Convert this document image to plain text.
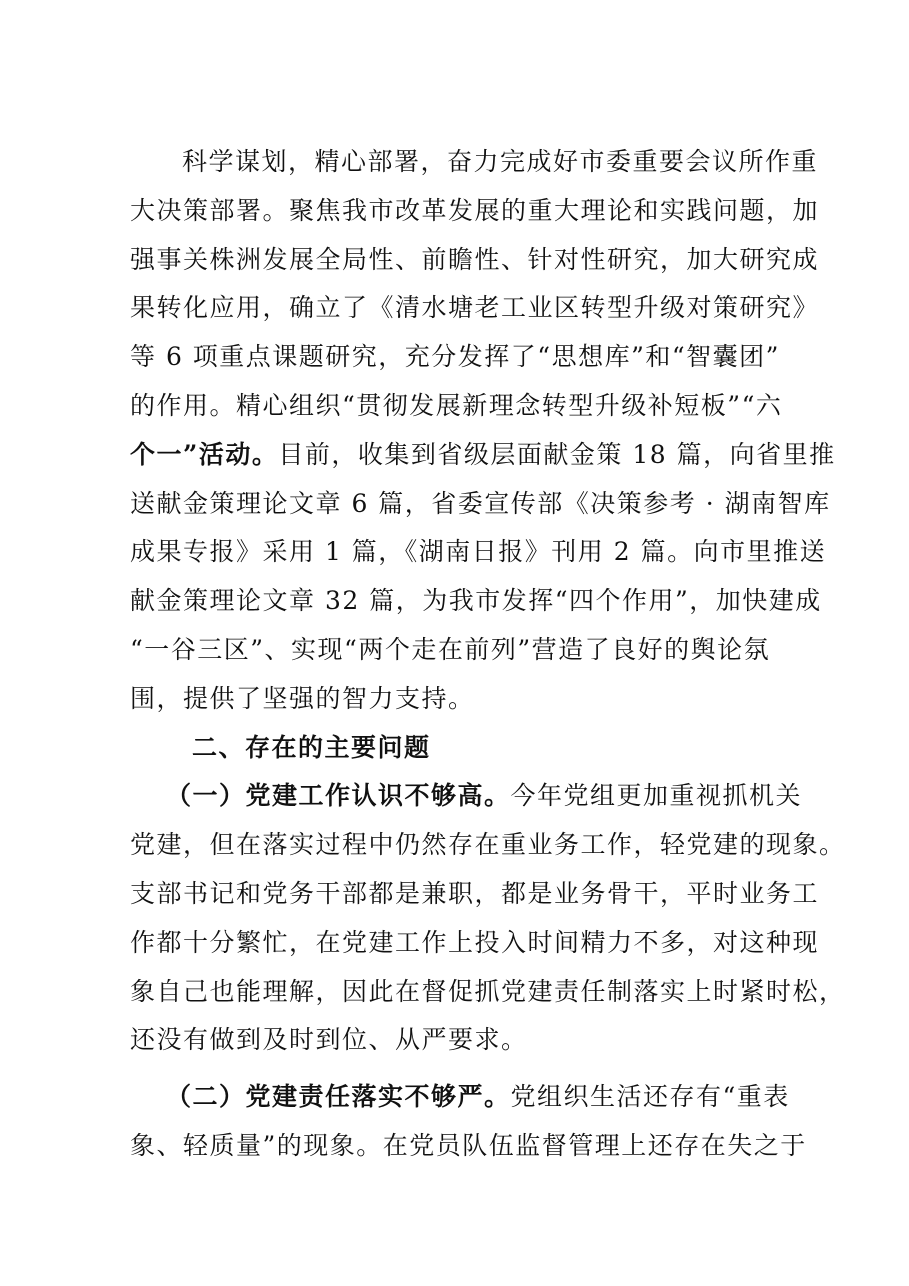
科学谋划，精心部署，奋力完成好市委重要会议所作重
大决策部署。聚焦我市改革发展的重大理论和实践问题，加
强事关株洲发展全局性、前瞻性、针对性研究，加大研究成
果转化应用，确立了《清水塘老工业区转型升级对策研究》
等 6 项重点课题研究，充分发挥了“思想库”和“智囊团”
的作用。精心组织“贯彻发展新理念转型升级补短板”“六
个一”活动。目前，收集到省级层面献金策 18 篇，向省里推
送献金策理论文章 6 篇，省委宣传部《决策参考 · 湖南智库
成果专报》采用 1 篇，《湖南日报》刊用 2 篇。向市里推送
献金策理论文章 32 篇，为我市发挥“四个作用”，加快建成
“一谷三区”、实现“两个走在前列”营造了良好的舆论氛
围，提供了坚强的智力支持。
二、存在的主要问题
（一）党建工作认识不够高。今年党组更加重视抓机关
党建，但在落实过程中仍然存在重业务工作，轻党建的现象。
支部书记和党务干部都是兼职，都是业务骨干，平时业务工
作都十分繁忙，在党建工作上投入时间精力不多，对这种现
象自己也能理解，因此在督促抓党建责任制落实上时紧时松，
还没有做到及时到位、从严要求。
（二）党建责任落实不够严。党组织生活还存有“重表
象、轻质量”的现象。在党员队伍监督管理上还存在失之于
